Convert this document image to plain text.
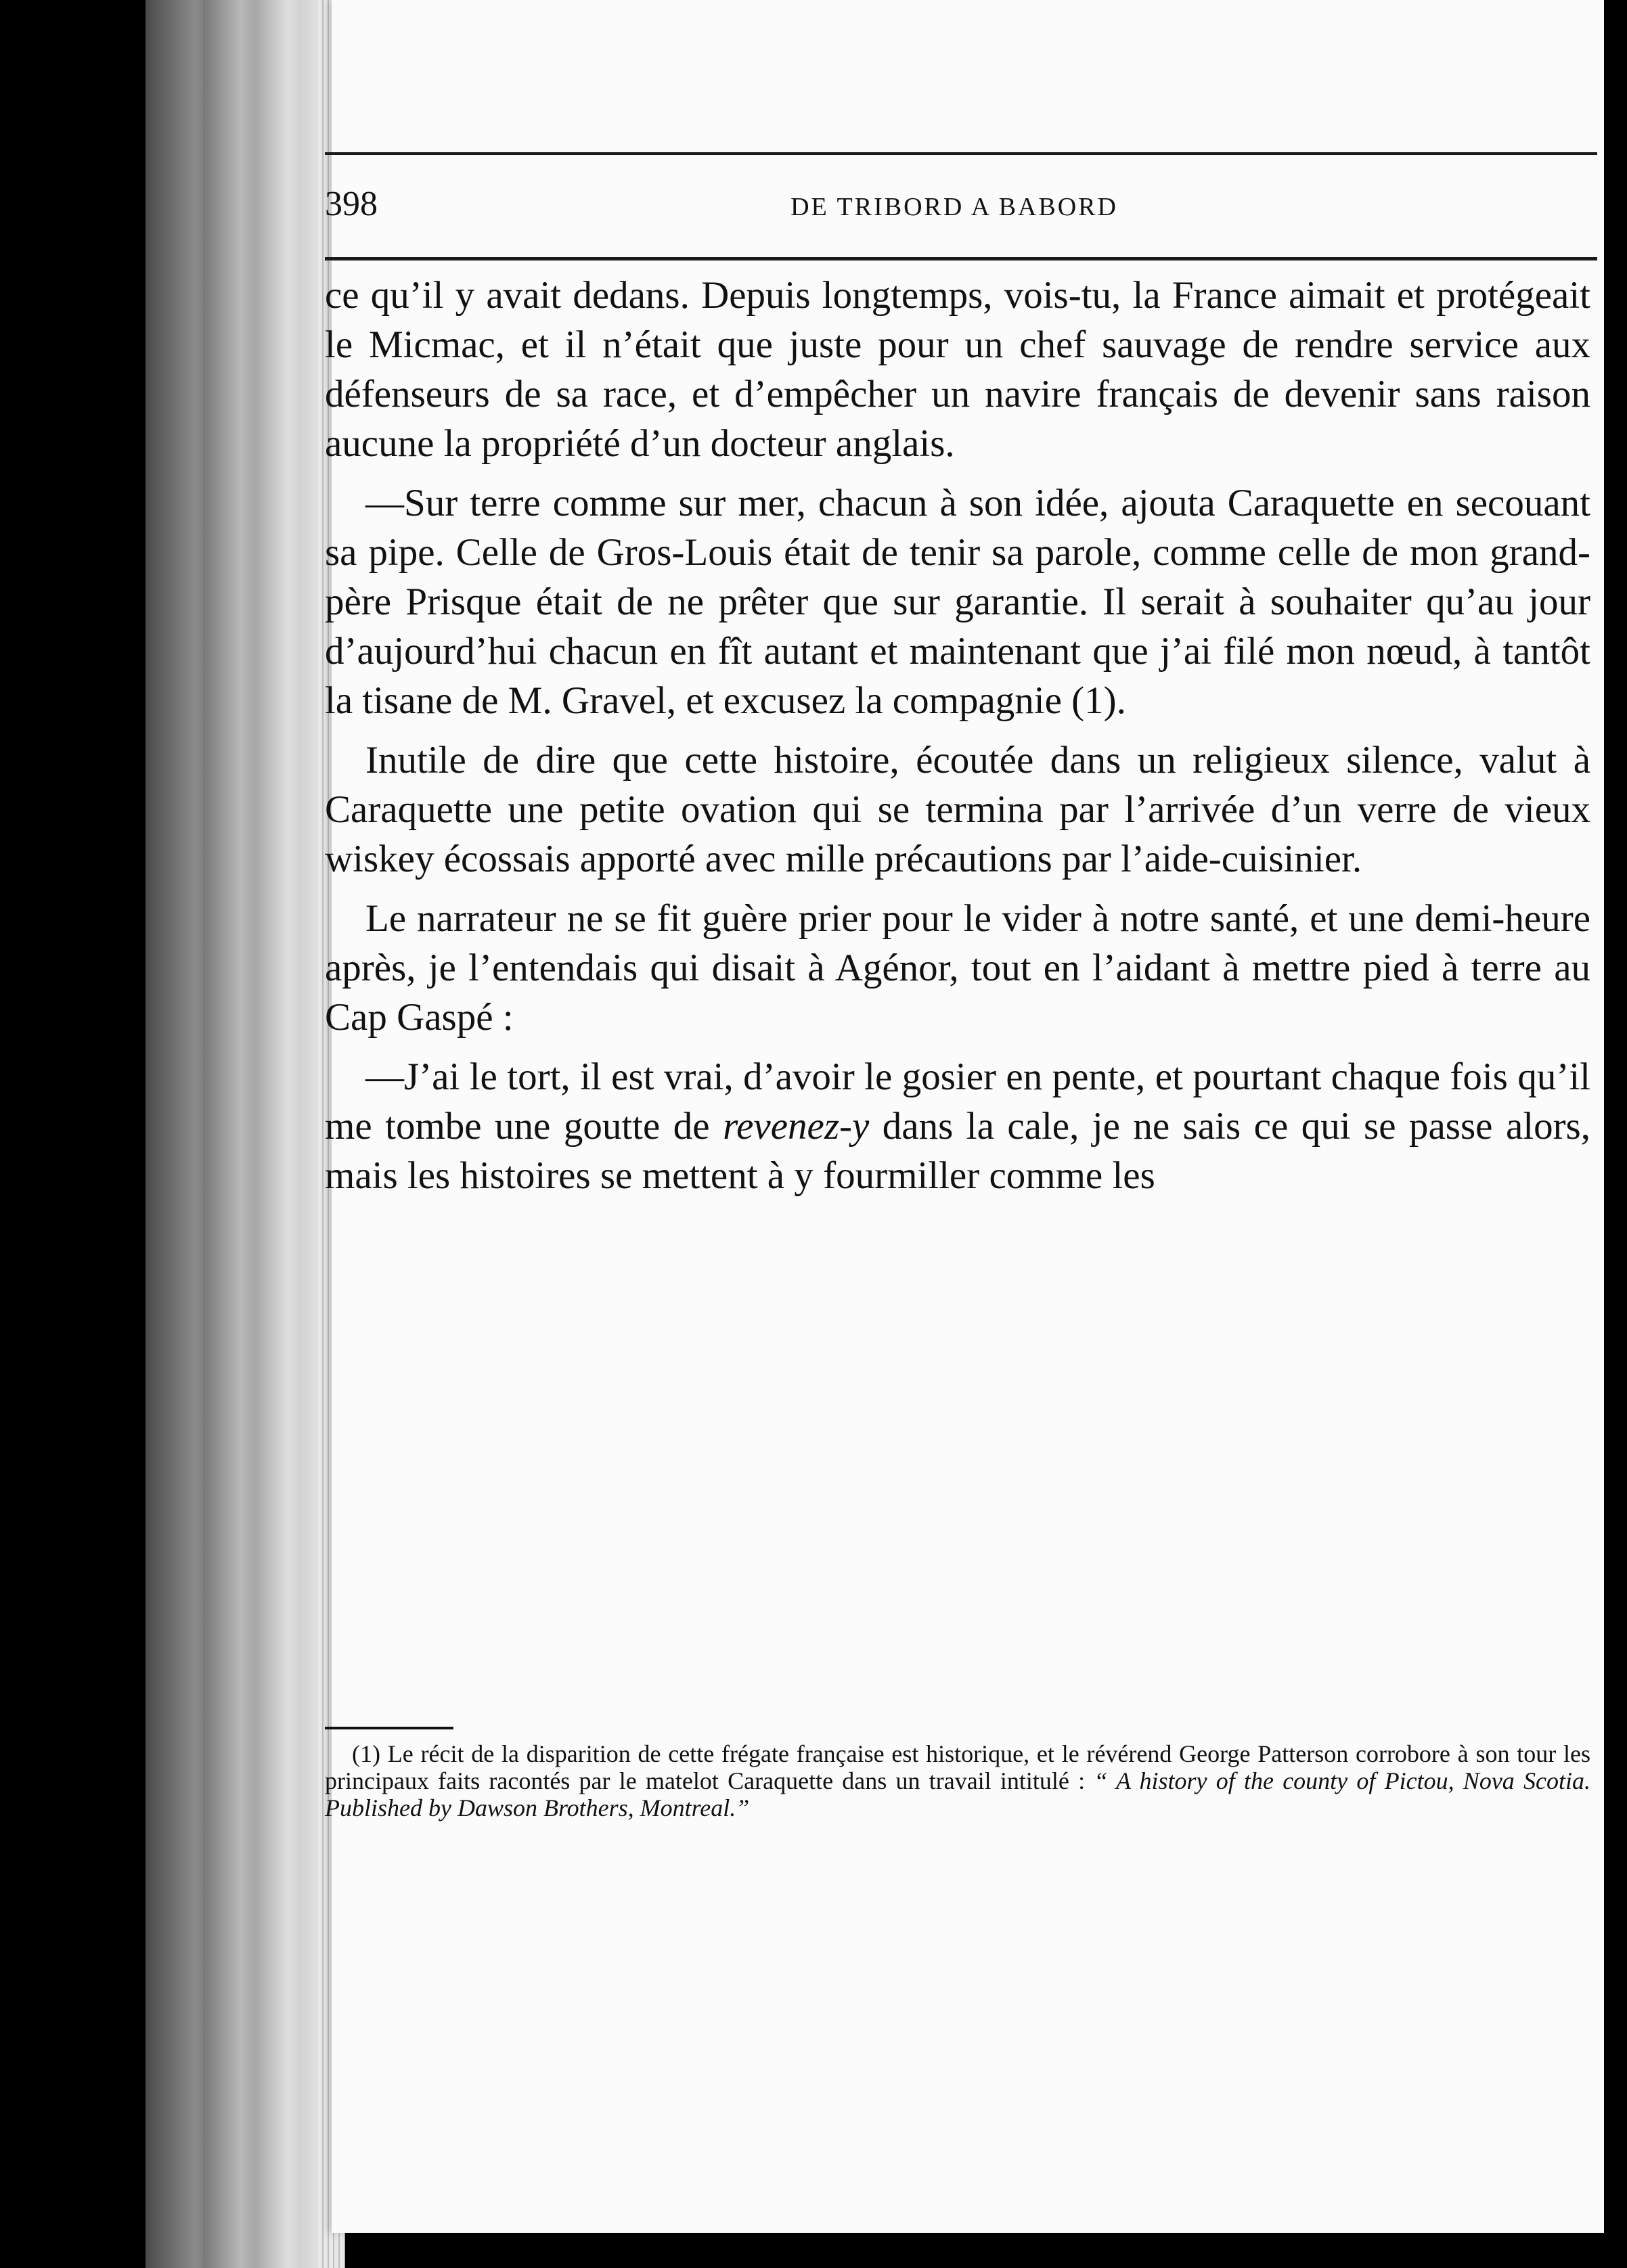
398	DE TRIBORD A BABORD

ce qu’il y avait dedans. Depuis longtemps, vois-tu, la France aimait et protégeait le Micmac, et il n’était que juste pour un chef sauvage de rendre service aux défenseurs de sa race, et d’empêcher un navire français de devenir sans raison aucune la propriété d’un docteur anglais.

—Sur terre comme sur mer, chacun à son idée, ajouta Caraquette en secouant sa pipe. Celle de Gros-Louis était de tenir sa parole, comme celle de mon grand-père Prisque était de ne prêter que sur garantie. Il serait à souhaiter qu’au jour d’aujourd’hui chacun en fît autant et maintenant que j’ai filé mon nœud, à tantôt la tisane de M. Gravel, et excusez la compagnie (1).

Inutile de dire que cette histoire, écoutée dans un religieux silence, valut à Caraquette une petite ovation qui se termina par l’arrivée d’un verre de vieux wiskey écossais apporté avec mille précautions par l’aide-cuisinier.

Le narrateur ne se fit guère prier pour le vider à notre santé, et une demi-heure après, je l’entendais qui disait à Agénor, tout en l’aidant à mettre pied à terre au Cap Gaspé :

—J’ai le tort, il est vrai, d’avoir le gosier en pente, et pourtant chaque fois qu’il me tombe une goutte de revenez-y dans la cale, je ne sais ce qui se passe alors, mais les histoires se mettent à y fourmiller comme les

(1) Le récit de la disparition de cette frégate française est historique, et le révérend George Patterson corrobore à son tour les principaux faits racontés par le matelot Caraquette dans un travail intitulé : “ A history of the county of Pictou, Nova Scotia. Published by Dawson Brothers, Montreal.”
